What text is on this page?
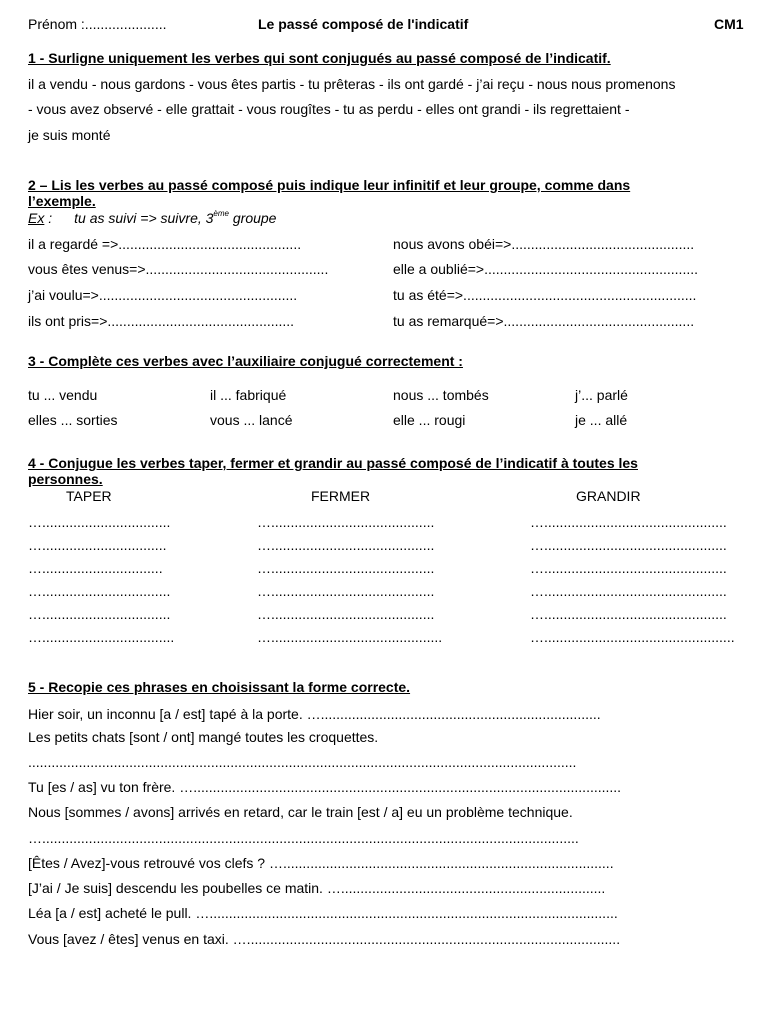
Prénom :.....................	Le passé composé de l'indicatif	CM1
1 - Surligne uniquement les verbes qui sont conjugués au passé composé de l’indicatif.
il a vendu - nous gardons - vous êtes partis - tu prêteras - ils ont gardé - j’ai reçu - nous nous promenons
- vous avez observé - elle grattait - vous rougîtes - tu as perdu - elles ont grandi - ils regrettaient -
je suis monté
2 – Lis les verbes au passé composé puis indique leur infinitif et leur groupe, comme dans
l’exemple.
Ex : tu as suivi => suivre, 3ème groupe
il a regardé =>...............................................	nous avons obéi=>...............................................
vous êtes venus=>...............................................	elle a oublié=>.......................................................
j’ai voulu=>...................................................	tu as été=>............................................................
ils ont pris=>................................................	tu as remarqué=>.................................................
3 - Complète ces verbes avec l’auxiliaire conjugué correctement :
tu ... vendu	il ... fabriqué	nous ... tombés	j’... parlé
elles ... sorties	vous ... lancé	elle ... rougi	je ... allé
4 - Conjugue les verbes taper, fermer et grandir au passé composé de l’indicatif à toutes les
personnes.
TAPER	FERMER	GRANDIR
….................................	…..........................................	…...............................................
…................................	…..........................................	…...............................................
…...............................	…..........................................	…...............................................
….................................	…..........................................	…...............................................
….................................	…..........................................	…...............................................
…..................................	…............................................	….................................................
5 - Recopie ces phrases en choisissant la forme correcte.
Hier soir, un inconnu [a / est] tapé à la porte. …........................................................................
Les petits chats [sont / ont] mangé toutes les croquettes.
.............................................................................................................................................
Tu [es / as] vu ton frère. …..............................................................................................................
Nous [sommes / avons] arrivés en retard, car le train [est / a] eu un problème technique.
…..........................................................................................................................................
[Êtes / Avez]-vous retrouvé vos clefs ? ….....................................................................................
[J’ai / Je suis] descendu les poubelles ce matin. …....................................................................
Léa [a / est] acheté le pull. ….........................................................................................................
Vous [avez / êtes] venus en taxi. …................................................................................................
